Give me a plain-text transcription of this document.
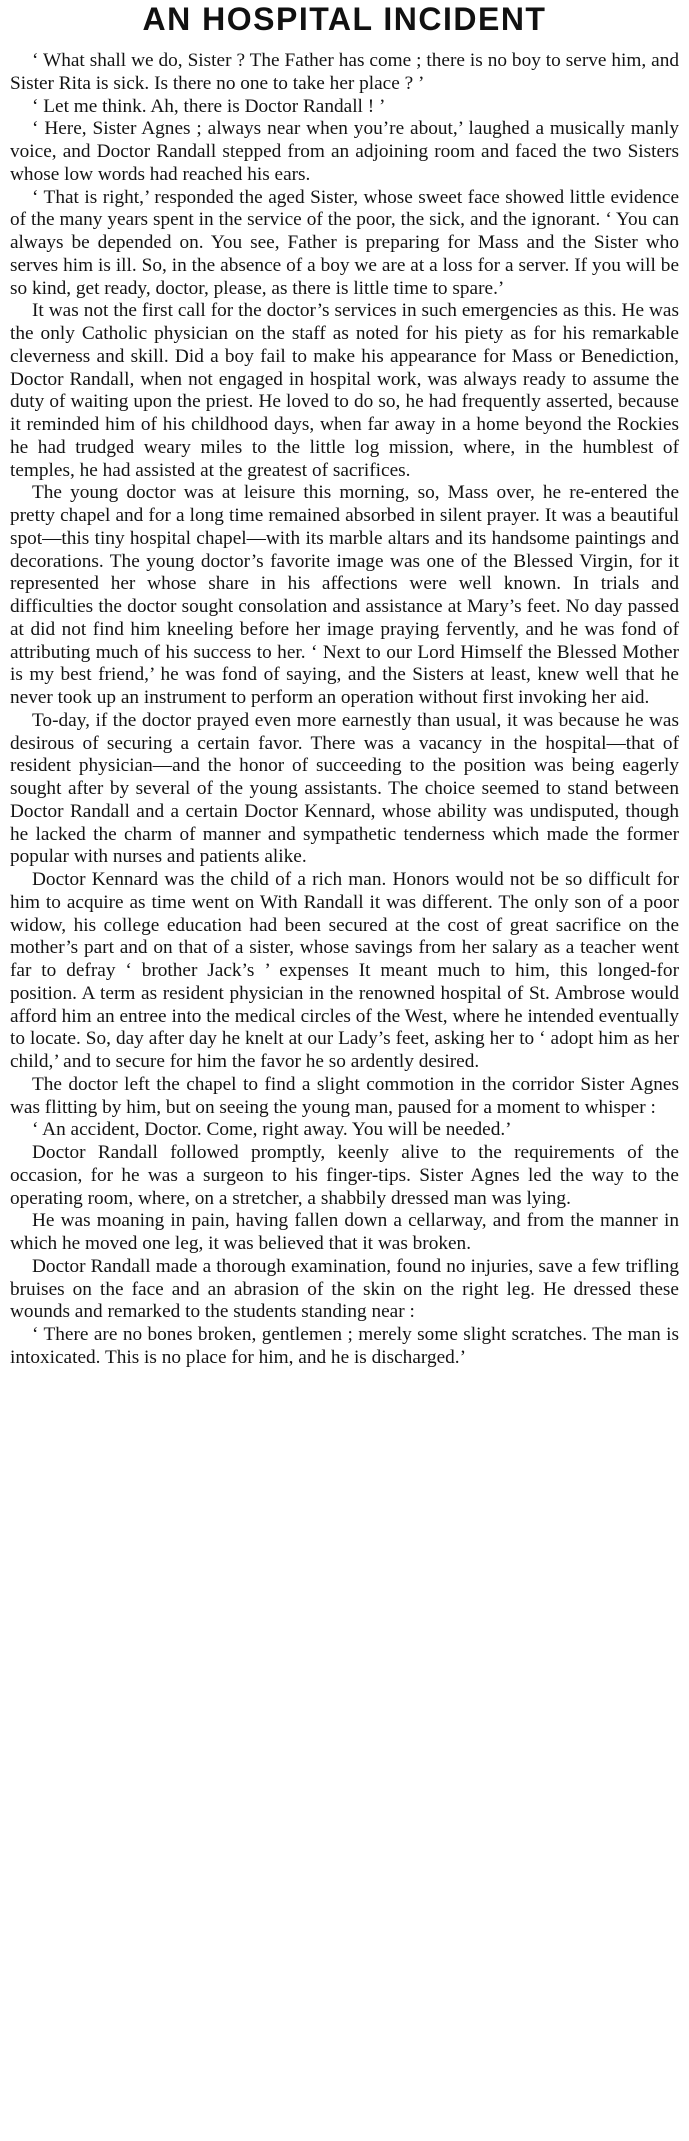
AN HOSPITAL INCIDENT

‘ What shall we do, Sister ? The Father has come ; there is no boy to serve him, and Sister Rita is sick. Is there no one to take her place ? ’

‘ Let me think. Ah, there is Doctor Randall ! ’

‘ Here, Sister Agnes ; always near when you’re about,’ laughed a musically manly voice, and Doctor Randall stepped from an adjoining room and faced the two Sisters whose low words had reached his ears.

‘ That is right,’ responded the aged Sister, whose sweet face showed little evidence of the many years spent in the service of the poor, the sick, and the ignorant. ‘ You can always be depended on. You see, Father is preparing for Mass and the Sister who serves him is ill. So, in the absence of a boy we are at a loss for a server. If you will be so kind, get ready, doctor, please, as there is little time to spare.’

It was not the first call for the doctor’s services in such emergencies as this. He was the only Catholic physician on the staff as noted for his piety as for his remarkable cleverness and skill. Did a boy fail to make his appearance for Mass or Benediction, Doctor Randall, when not engaged in hospital work, was always ready to assume the duty of waiting upon the priest. He loved to do so, he had frequently asserted, because it reminded him of his childhood days, when far away in a home beyond the Rockies he had trudged weary miles to the little log mission, where, in the humblest of temples, he had assisted at the greatest of sacrifices.

The young doctor was at leisure this morning, so, Mass over, he re-entered the pretty chapel and for a long time remained absorbed in silent prayer. It was a beautiful spot—this tiny hospital chapel—with its marble altars and its handsome paintings and decorations. The young doctor’s favorite image was one of the Blessed Virgin, for it represented her whose share in his affections were well known. In trials and difficulties the doctor sought consolation and assistance at Mary’s feet. No day passed at did not find him kneeling before her image praying fervently, and he was fond of attributing much of his success to her. ‘ Next to our Lord Himself the Blessed Mother is my best friend,’ he was fond of saying, and the Sisters at least, knew well that he never took up an instrument to perform an operation without first invoking her aid.

To-day, if the doctor prayed even more earnestly than usual, it was because he was desirous of securing a certain favor. There was a vacancy in the hospital—that of resident physician—and the honor of succeeding to the position was being eagerly sought after by several of the young assistants. The choice seemed to stand between Doctor Randall and a certain Doctor Kennard, whose ability was undisputed, though he lacked the charm of manner and sympathetic tenderness which made the former popular with nurses and patients alike.

Doctor Kennard was the child of a rich man. Honors would not be so difficult for him to acquire as time went on With Randall it was different. The only son of a poor widow, his college education had been secured at the cost of great sacrifice on the mother’s part and on that of a sister, whose savings from her salary as a teacher went far to defray ‘ brother Jack’s ’ expenses It meant much to him, this longed-for position. A term as resident physician in the renowned hospital of St. Ambrose would afford him an entree into the medical circles of the West, where he intended eventually to locate. So, day after day he knelt at our Lady’s feet, asking her to ‘ adopt him as her child,’ and to secure for him the favor he so ardently desired.

The doctor left the chapel to find a slight commotion in the corridor Sister Agnes was flitting by him, but on seeing the young man, paused for a moment to whisper :

‘ An accident, Doctor. Come, right away. You will be needed.’

Doctor Randall followed promptly, keenly alive to the requirements of the occasion, for he was a surgeon to his finger-tips. Sister Agnes led the way to the operating room, where, on a stretcher, a shabbily dressed man was lying.

He was moaning in pain, having fallen down a cellarway, and from the manner in which he moved one leg, it was believed that it was broken.

Doctor Randall made a thorough examination, found no injuries, save a few trifling bruises on the face and an abrasion of the skin on the right leg. He dressed these wounds and remarked to the students standing near :

‘ There are no bones broken, gentlemen ; merely some slight scratches. The man is intoxicated. This is no place for him, and he is discharged.’
